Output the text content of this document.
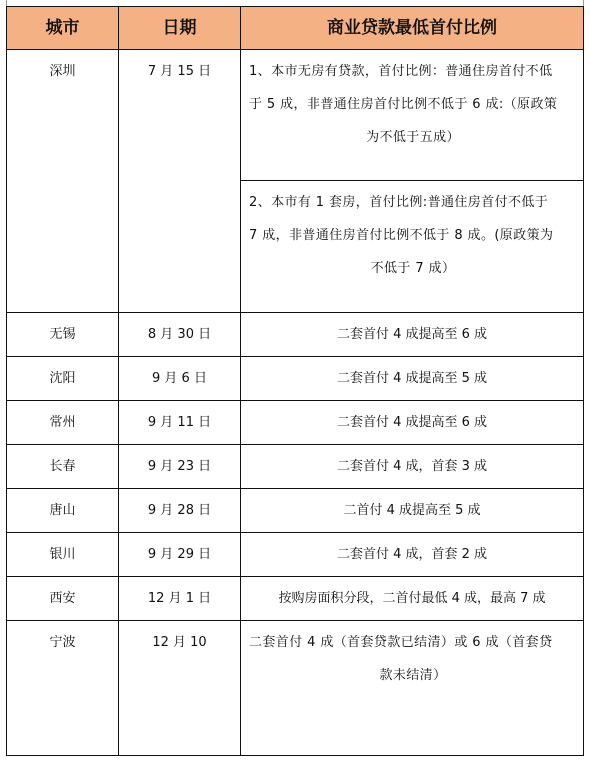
城市	日期	商业贷款最低首付比例
深圳	7 月 15 日	1、本市无房有贷款，首付比例：普通住房首付不低
于 5 成，非普通住房首付比例不低于 6 成:（原政策
为不低于五成）

		2、本市有 1 套房，首付比例:普通住房首付不低于
7 成，非普通住房首付比例不低于 8 成。(原政策为
不低于 7 成）

无锡	8 月 30 日	二套首付 4 成提高至 6 成
沈阳	9 月 6 日	二套首付 4 成提高至 5 成
常州	9 月 11 日	二套首付 4 成提高至 6 成
长春	9 月 23 日	二套首付 4 成，首套 3 成
唐山	9 月 28 日	二首付 4 成提高至 5 成
银川	9 月 29 日	二套首付 4 成，首套 2 成
西安	12 月 1 日	按购房面积分段，二首付最低 4 成，最高 7 成
宁波	12 月 10	二套首付 4 成（首套贷款已结清）或 6 成（首套贷
款未结清）
